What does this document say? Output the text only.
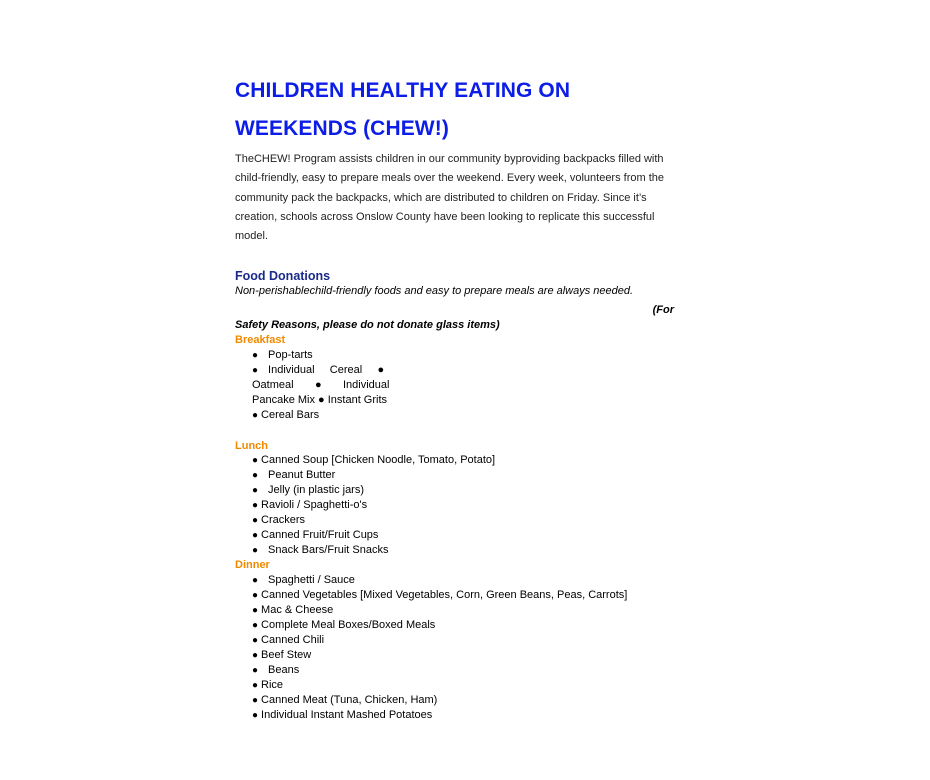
CHILDREN HEALTHY EATING ON
WEEKENDS (CHEW!)

TheCHEW! Program assists children in our community byproviding backpacks filled with child-friendly, easy to prepare meals over the weekend. Every week, volunteers from the community pack the backpacks, which are distributed to children on Friday. Since it’s creation, schools across Onslow County have been looking to replicate this successful model.

Food Donations

Non-perishablechild-friendly foods and easy to prepare meals are always needed.

(For

Safety Reasons, please do not donate glass items)

Breakfast

● Pop-tarts
● Individual     Cereal     ●
Oatmeal       ●       Individual
Pancake Mix ● Instant Grits
● Cereal Bars

Lunch

● Canned Soup [Chicken Noodle, Tomato, Potato]
● Peanut Butter
● Jelly (in plastic jars)
● Ravioli / Spaghetti-o's
● Crackers
● Canned Fruit/Fruit Cups
● Snack Bars/Fruit Snacks

Dinner

● Spaghetti / Sauce
● Canned Vegetables [Mixed Vegetables, Corn, Green Beans, Peas, Carrots]
● Mac & Cheese
● Complete Meal Boxes/Boxed Meals
● Canned Chili
● Beef Stew
● Beans
● Rice
● Canned Meat (Tuna, Chicken, Ham)
● Individual Instant Mashed Potatoes
